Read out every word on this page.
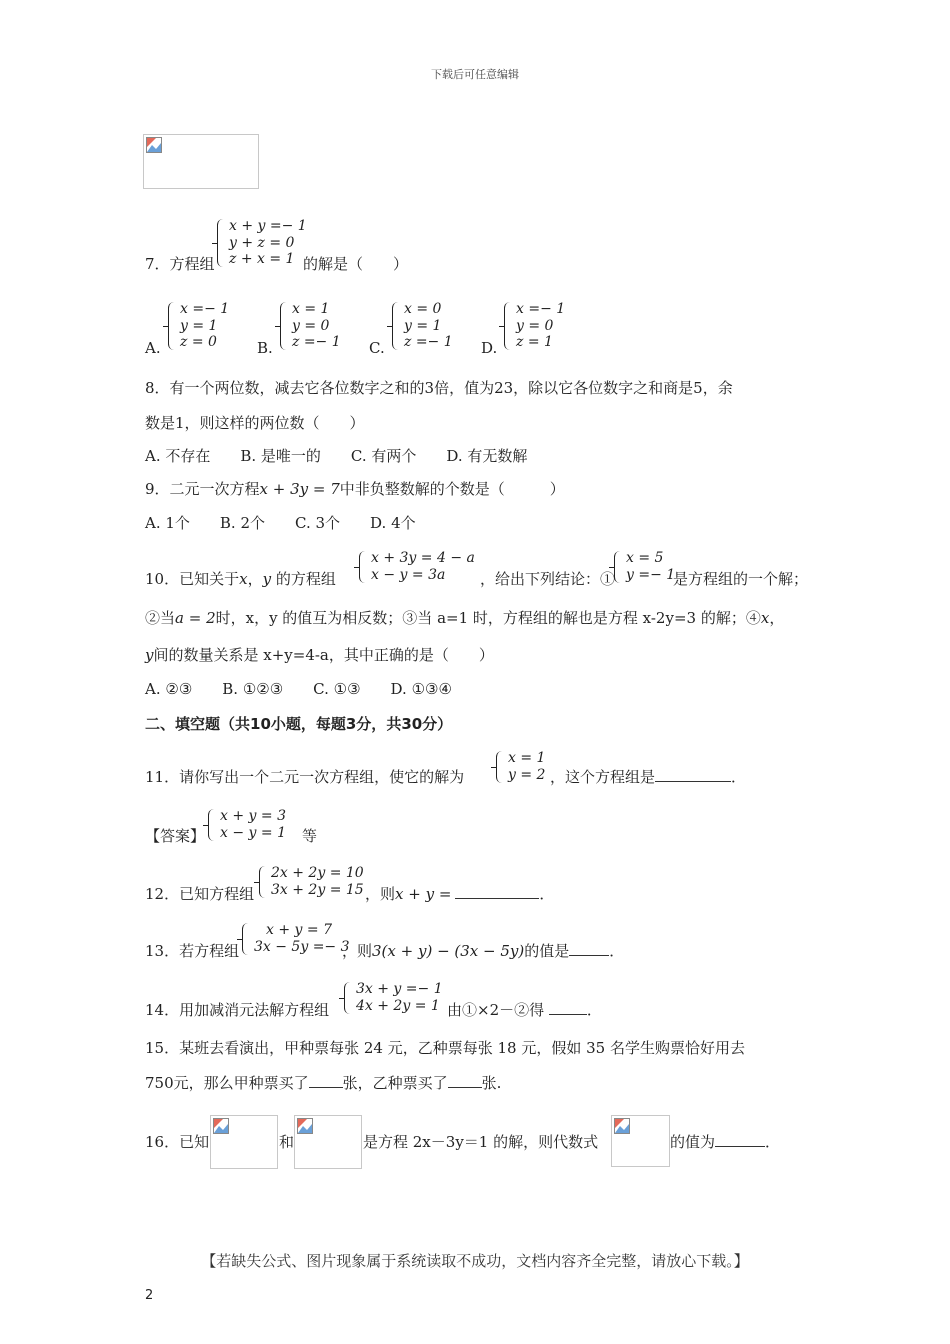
下载后可任意编辑
x + y =− 1
y + z = 0
z + x = 1
7．方程组	的解是（　　）
A.
x =− 1
y = 1
z = 0	B.
x = 1
y = 0
z =− 1 C.
x = 0
y = 1
z =− 1 D.
x =− 1
y = 0
z = 1
8．有一个两位数，减去它各位数字之和的3倍，值为23，除以它各位数字之和商是5，余
数是1，则这样的两位数（　　）
A. 不存在　　B. 是唯一的　　C. 有两个　　D. 有无数解
9．二元一次方程x + 3y = 7中非负整数解的个数是（　　　）
A. 1个　　B. 2个　　C. 3个　　D. 4个
10．已知关于x，y 的方程组
x + 3y = 4 − a
x − y = 3a	，给出下列结论：①
x = 5
y =− 1
是方程组的一个解；
②当a = 2时，x，y 的值互为相反数；③当 a=1 时，方程组的解也是方程 x-2y=3 的解；④x，
y间的数量关系是 x+y=4-a，其中正确的是（　　）
A. ②③　　B. ①②③　　C. ①③　　D. ①③④
二、填空题（共10小题，每题3分，共30分）
11．请你写出一个二元一次方程组，使它的解为
x = 1
y = 2 ，这个方程组是	．
【答案】
x + y = 3
x − y = 1 等
12．已知方程组
2x + 2y = 10
3x + 2y = 15 ，则x + y =	．
13．若方程组
x + y = 7
3x − 5y =− 3
，则3(x + y) − (3x − 5y)的值是	．
14．用加减消元法解方程组
3x + y =− 1
4x + 2y = 1 由①×2－②得	．
15．某班去看演出，甲种票每张 24 元，乙种票每张 18 元，假如 35 名学生购票恰好用去
750元，那么甲种票买了 张，乙种票买了 张.
16．已知	和	是方程 2x－3y＝1 的解，则代数式	的值为	．
【若缺失公式、图片现象属于系统读取不成功，文档内容齐全完整，请放心下载。】
2
